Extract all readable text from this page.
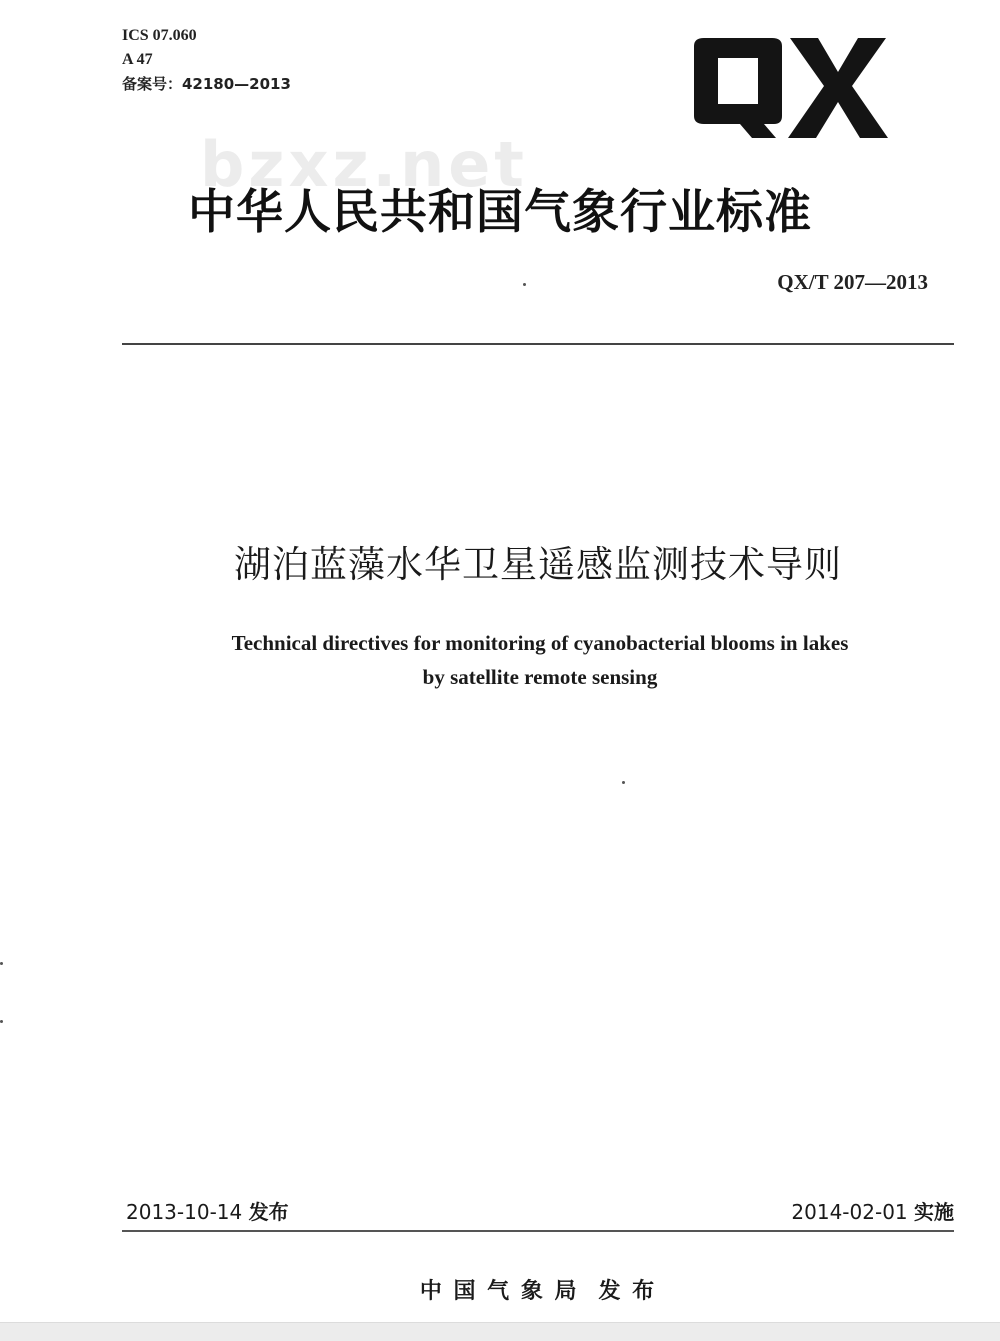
ICS 07.060
A 47
备案号：42180—2013
bzxz.net
中华人民共和国气象行业标准
QX/T 207—2013
湖泊蓝藻水华卫星遥感监测技术导则
Technical directives for monitoring of cyanobacterial blooms in lakes
by satellite remote sensing
2013-10-14 发布	2014-02-01 实施
中 国 气 象 局 发 布
